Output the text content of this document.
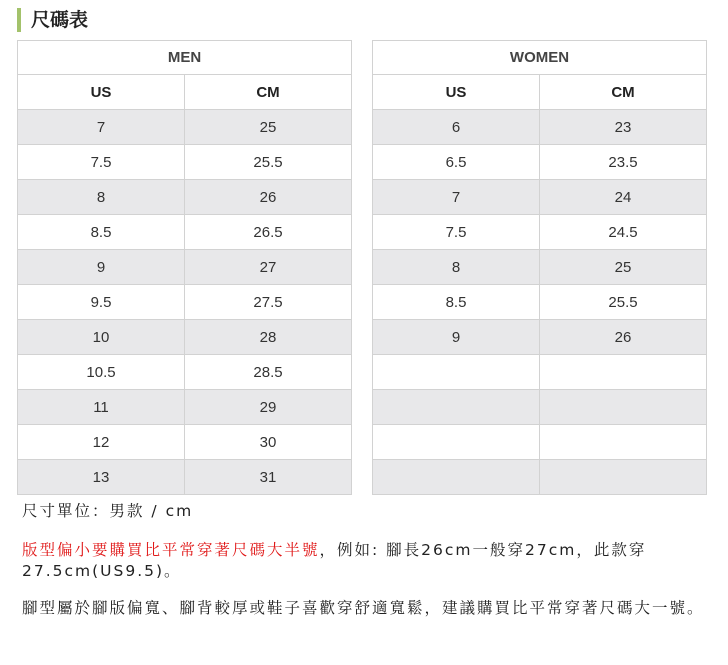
尺碼表
MEN	
US	CM
7	25
7.5	25.5
8	26
8.5	26.5
9	27
9.5	27.5
10	28
10.5	28.5
11	29
12	30
13	31
WOMEN	
US	CM
6	23
6.5	23.5
7	24
7.5	24.5
8	25
8.5	25.5
9	26

尺寸單位：男款 / cm
版型偏小要購買比平常穿著尺碼大半號，例如: 腳長26cm一般穿27cm，此款穿27.5cm(US9.5)。
腳型屬於腳版偏寬、腳背較厚或鞋子喜歡穿舒適寬鬆，建議購買比平常穿著尺碼大一號。
